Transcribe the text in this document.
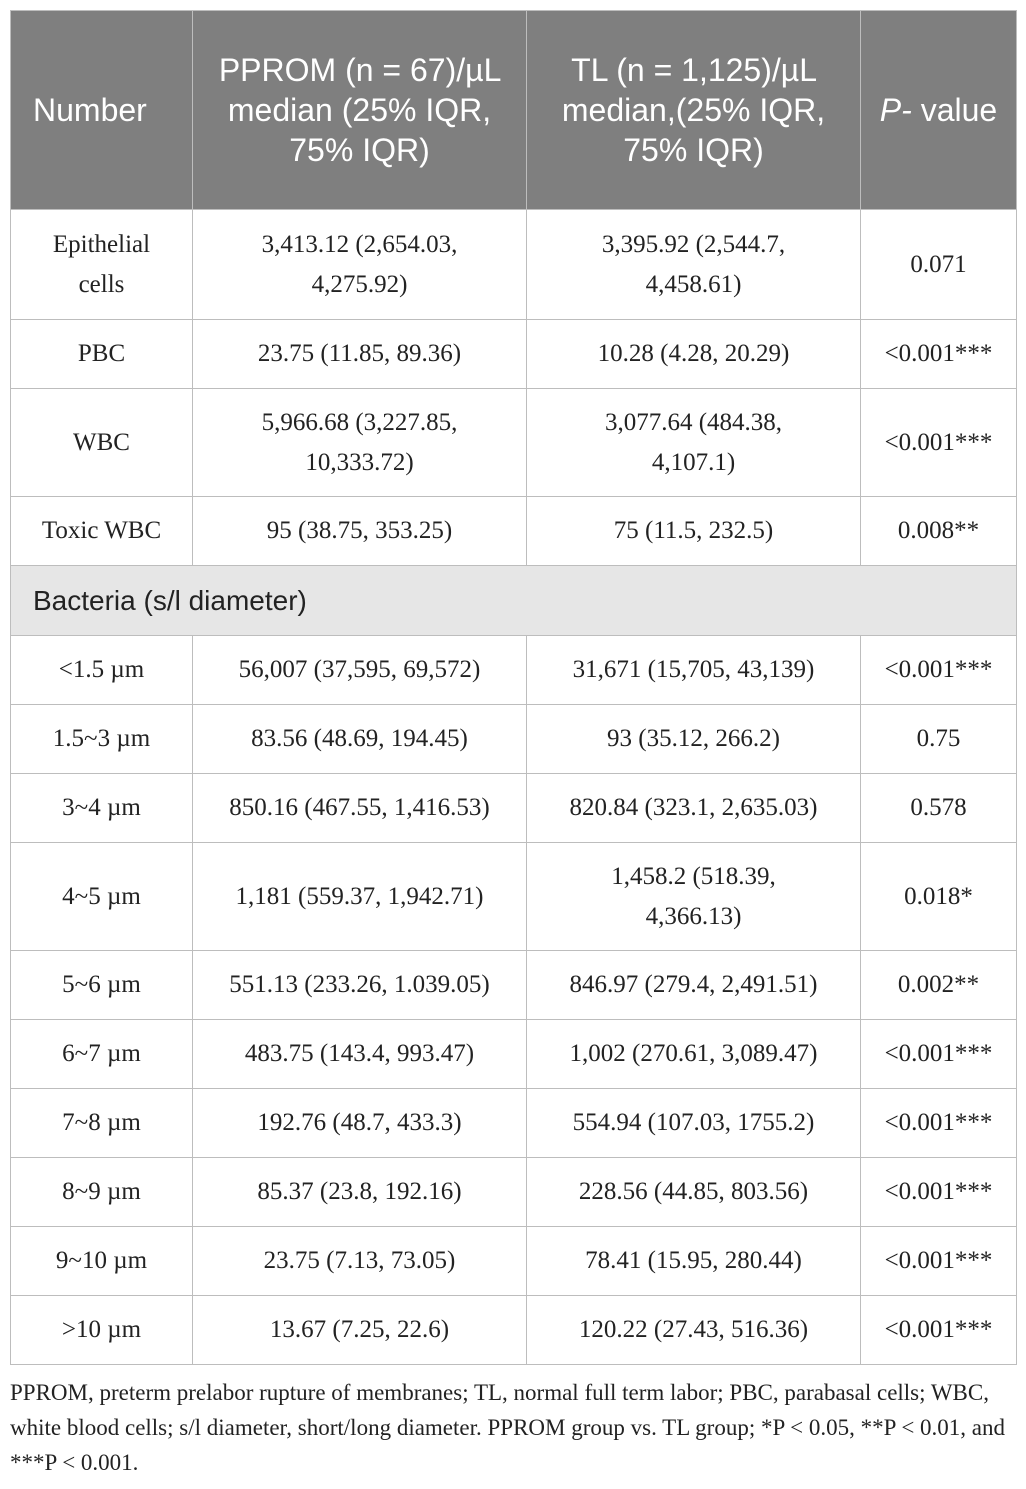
Number	PPROM (n = 67)/µL median (25% IQR, 75% IQR)	TL (n = 1,125)/µL median,(25% IQR, 75% IQR)	P- value
Epithelial cells	3,413.12 (2,654.03, 4,275.92)	3,395.92 (2,544.7, 4,458.61)	0.071
PBC	23.75 (11.85, 89.36)	10.28 (4.28, 20.29)	<0.001***
WBC	5,966.68 (3,227.85, 10,333.72)	3,077.64 (484.38, 4,107.1)	<0.001***
Toxic WBC	95 (38.75, 353.25)	75 (11.5, 232.5)	0.008**
Bacteria (s/l diameter)			
<1.5 µm	56,007 (37,595, 69,572)	31,671 (15,705, 43,139)	<0.001***
1.5~3 µm	83.56 (48.69, 194.45)	93 (35.12, 266.2)	0.75
3~4 µm	850.16 (467.55, 1,416.53)	820.84 (323.1, 2,635.03)	0.578
4~5 µm	1,181 (559.37, 1,942.71)	1,458.2 (518.39, 4,366.13)	0.018*
5~6 µm	551.13 (233.26, 1.039.05)	846.97 (279.4, 2,491.51)	0.002**
6~7 µm	483.75 (143.4, 993.47)	1,002 (270.61, 3,089.47)	<0.001***
7~8 µm	192.76 (48.7, 433.3)	554.94 (107.03, 1755.2)	<0.001***
8~9 µm	85.37 (23.8, 192.16)	228.56 (44.85, 803.56)	<0.001***
9~10 µm	23.75 (7.13, 73.05)	78.41 (15.95, 280.44)	<0.001***
>10 µm	13.67 (7.25, 22.6)	120.22 (27.43, 516.36)	<0.001***
PPROM, preterm prelabor rupture of membranes; TL, normal full term labor; PBC, parabasal cells; WBC, white blood cells; s/l diameter, short/long diameter. PPROM group vs. TL group; *P < 0.05, **P < 0.01, and ***P < 0.001.
